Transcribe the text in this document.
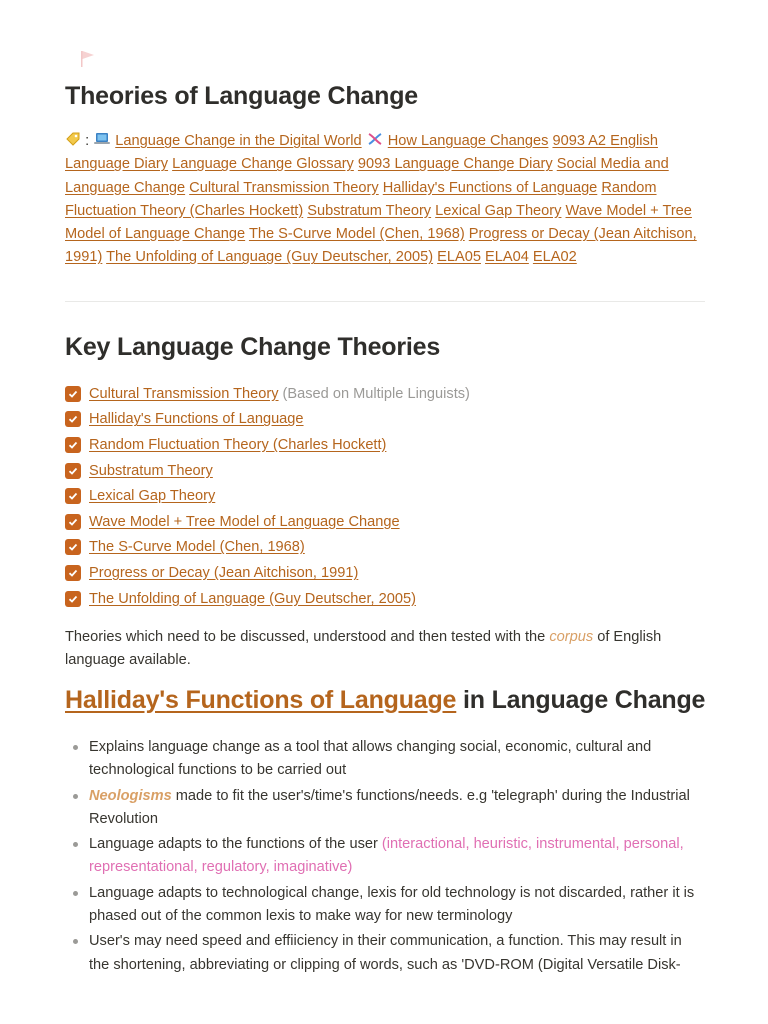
Theories of Language Change
: Language Change in the Digital World How Language Changes 9093 A2 English Language Diary Language Change Glossary 9093 Language Change Diary Social Media and Language Change Cultural Transmission Theory Halliday's Functions of Language Random Fluctuation Theory (Charles Hockett) Substratum Theory Lexical Gap Theory Wave Model + Tree Model of Language Change The S-Curve Model (Chen, 1968) Progress or Decay (Jean Aitchison, 1991) The Unfolding of Language (Guy Deutscher, 2005) ELA05 ELA04 ELA02
Key Language Change Theories
Cultural Transmission Theory (Based on Multiple Linguists)
Halliday's Functions of Language
Random Fluctuation Theory (Charles Hockett)
Substratum Theory
Lexical Gap Theory
Wave Model + Tree Model of Language Change
The S-Curve Model (Chen, 1968)
Progress or Decay (Jean Aitchison, 1991)
The Unfolding of Language (Guy Deutscher, 2005)

Theories which need to be discussed, understood and then tested with the corpus of English language available.

Halliday's Functions of Language in Language Change
Explains language change as a tool that allows changing social, economic, cultural and technological functions to be carried out
Neologisms made to fit the user's/time's functions/needs. e.g 'telegraph' during the Industrial Revolution
Language adapts to the functions of the user (interactional, heuristic, instrumental, personal, representational, regulatory, imaginative)
Language adapts to technological change, lexis for old technology is not discarded, rather it is phased out of the common lexis to make way for new terminology
User's may need speed and effiiciency in their communication, a function. This may result in the shortening, abbreviating or clipping of words, such as 'DVD-ROM (Digital Versatile Disk-
